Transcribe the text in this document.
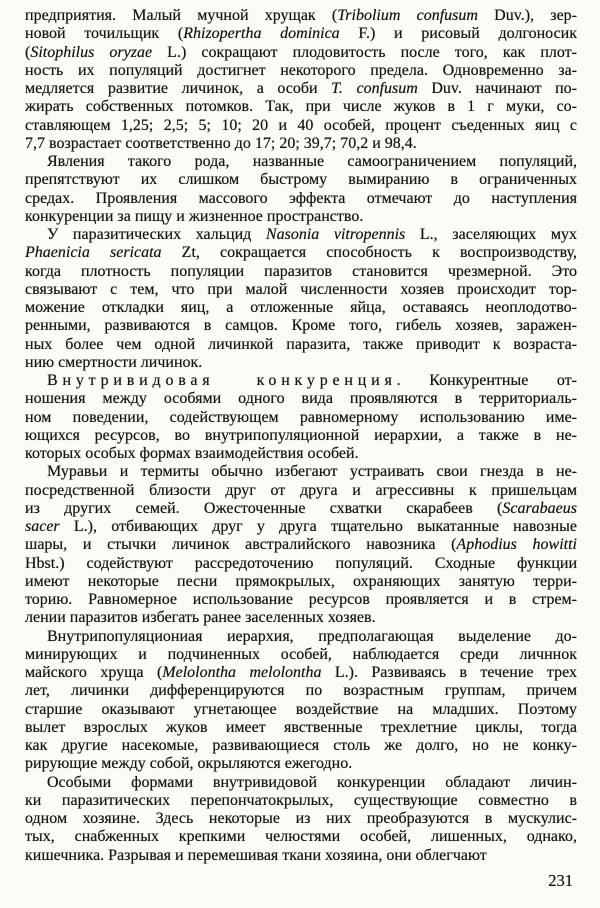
предприятия. Малый мучной хрущак (Tribolium confusum Duv.), зер-
новой точильщик (Rhizopertha dominica F.) и рисовый долгоносик
(Sitophilus oryzae L.) сокращают плодовитость после того, как плот-
ность их популяций достигнет некоторого предела. Одновременно за-
медляется развитие личинок, а особи T. confusum Duv. начинают по-
жирать собственных потомков. Так, при числе жуков в 1 г муки, со-
ставляющем 1,25; 2,5; 5; 10; 20 и 40 особей, процент съеденных яиц с
7,7 возрастает соответственно до 17; 20; 39,7; 70,2 и 98,4.
Явления такого рода, названные самоограничением популяций,
препятствуют их слишком быстрому вымиранию в ограниченных
средах. Проявления массового эффекта отмечают до наступления
конкуренции за пищу и жизненное пространство.
У паразитических хальцид Nasonia vitropennis L., заселяющих мух
Phaenicia sericata Zt, сокращается способность к воспроизводству,
когда плотность популяции паразитов становится чрезмерной. Это
связывают с тем, что при малой численности хозяев происходит тор-
можение откладки яиц, а отложенные яйца, оставаясь неоплодотво-
ренными, развиваются в самцов. Кроме того, гибель хозяев, заражен-
ных более чем одной личинкой паразита, также приводит к возраста-
нию смертности личинок.
Внутривидовая конкуренция. Конкурентные от-
ношения между особями одного вида проявляются в территориаль-
ном поведении, содействующем равномерному использованию име-
ющихся ресурсов, во внутрипопуляционной иерархии, а также в не-
которых особых формах взаимодействия особей.
Муравьи и термиты обычно избегают устраивать свои гнезда в не-
посредственной близости друг от друга и агрессивны к пришельцам
из других семей. Ожесточенные схватки скарабеев (Scarabaeus
sacer L.), отбивающих друг у друга тщательно выкатанные навозные
шары, и стычки личинок австралийского навозника (Aphodius howitti
Hbst.) содействуют рассредоточению популяций. Сходные функции
имеют некоторые песни прямокрылых, охраняющих занятую терри-
торию. Равномерное использование ресурсов проявляется и в стрем-
лении паразитов избегать ранее заселенных хозяев.
Внутрипопуляциониая иерархия, предполагающая выделение до-
минирующих и подчиненных особей, наблюдается среди личннок
майского хруща (Melolontha melolontha L.). Развиваясь в течение трех
лет, личинки дифференцируются по возрастным группам, причем
старшие оказывают угнетающее воздействие на младших. Поэтому
вылет взрослых жуков имеет явственные трехлетние циклы, тогда
как другие насекомые, развивающиеся столь же долго, но не конку-
рирующие между собой, окрыляются ежегодно.
Особыми формами внутривидовой конкуренции обладают личин-
ки паразитических перепончатокрылых, существующие совместно в
одном хозяине. Здесь некоторые из них преобразуются в мускулис-
тых, снабженных крепкими челюстями особей, лишенных, однако,
кишечника. Разрывая и перемешивая ткани хозяина, они облегчают
231
